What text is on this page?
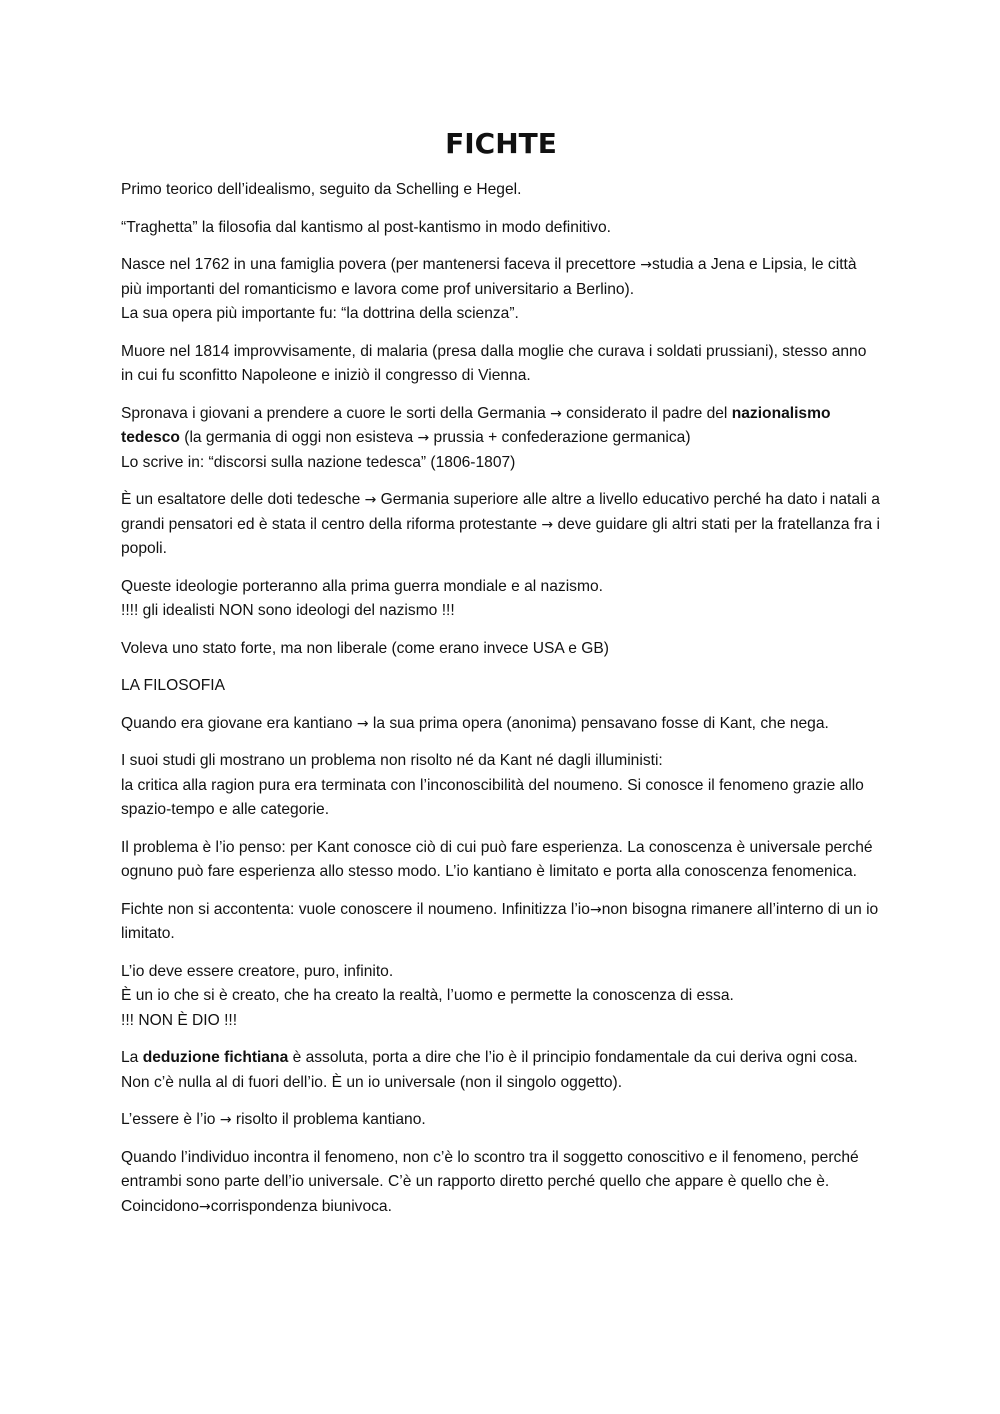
FICHTE

Primo teorico dell’idealismo, seguito da Schelling e Hegel.

“Traghetta” la filosofia dal kantismo al post-kantismo in modo definitivo.

Nasce nel 1762 in una famiglia povera (per mantenersi faceva il precettore →studia a Jena e Lipsia, le città più importanti del romanticismo e lavora come prof universitario a Berlino).
La sua opera più importante fu: “la dottrina della scienza”.

Muore nel 1814 improvvisamente, di malaria (presa dalla moglie che curava i soldati prussiani), stesso anno in cui fu sconfitto Napoleone e iniziò il congresso di Vienna.

Spronava i giovani a prendere a cuore le sorti della Germania → considerato il padre del nazionalismo tedesco (la germania di oggi non esisteva → prussia + confederazione germanica)
Lo scrive in: “discorsi sulla nazione tedesca” (1806-1807)

È un esaltatore delle doti tedesche → Germania superiore alle altre a livello educativo perché ha dato i natali a grandi pensatori ed è stata il centro della riforma protestante → deve guidare gli altri stati per la fratellanza fra i popoli.

Queste ideologie porteranno alla prima guerra mondiale e al nazismo.
!!!! gli idealisti NON sono ideologi del nazismo !!!

Voleva uno stato forte, ma non liberale (come erano invece USA e GB)

LA FILOSOFIA

Quando era giovane era kantiano → la sua prima opera (anonima) pensavano fosse di Kant, che nega.

I suoi studi gli mostrano un problema non risolto né da Kant né dagli illuministi:
la critica alla ragion pura era terminata con l’inconoscibilità del noumeno. Si conosce il fenomeno grazie allo spazio-tempo e alle categorie.

Il problema è l’io penso: per Kant conosce ciò di cui può fare esperienza. La conoscenza è universale perché ognuno può fare esperienza allo stesso modo. L’io kantiano è limitato e porta alla conoscenza fenomenica.

Fichte non si accontenta: vuole conoscere il noumeno. Infinitizza l’io→non bisogna rimanere all’interno di un io limitato.

L’io deve essere creatore, puro, infinito.
È un io che si è creato, che ha creato la realtà, l’uomo e permette la conoscenza di essa.
!!! NON È DIO !!!

La deduzione fichtiana è assoluta, porta a dire che l’io è il principio fondamentale da cui deriva ogni cosa. Non c’è nulla al di fuori dell’io. È un io universale (non il singolo oggetto).

L’essere è l’io → risolto il problema kantiano.

Quando l’individuo incontra il fenomeno, non c’è lo scontro tra il soggetto conoscitivo e il fenomeno, perché entrambi sono parte dell’io universale. C’è un rapporto diretto perché quello che appare è quello che è. Coincidono→corrispondenza biunivoca.
